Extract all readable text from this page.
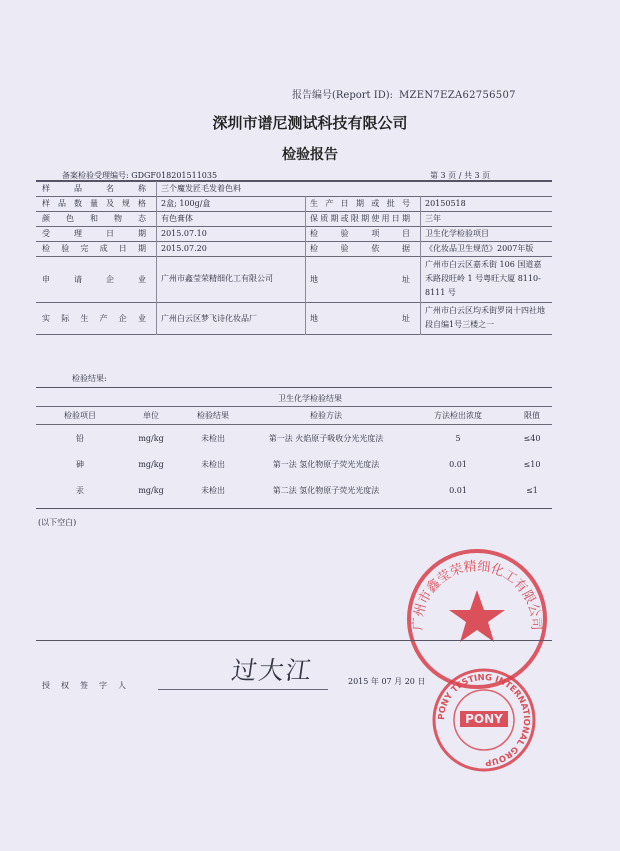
报告编号(Report ID): MZEN7EZA62756507
深圳市谱尼测试科技有限公司
检验报告
备案检验受理编号: GDGF018201511035	第 3 页 / 共 3 页
样品名称	三个魔发匠毛发着色料		
样品数量及规格	2盒; 100g/盒	生产日期或批号	20150518
颜色和物态	有色膏体	保质期或限期使用日期	三年
受理日期	2015.07.10	检验项目	卫生化学检验项目
检验完成日期	2015.07.20	检验依据	《化妆品卫生规范》2007年版
申请企业	广州市鑫莹荣精细化工有限公司	地址	广州市白云区嘉禾街 106 国道嘉禾路段旺岭 1 号粤旺大厦 8110-8111 号
实际生产企业	广州白云区梦飞诗化妆品厂	地址	广州市白云区均禾街罗岗十四社地段自编1号三楼之一
检验结果:
卫生化学检验结果
检验项目	单位	检验结果	检验方法	方法检出浓度	限值
铅	mg/kg	未检出	第一法 火焰原子吸收分光光度法	5	≤40
砷	mg/kg	未检出	第一法 氢化物原子荧光光度法	0.01	≤10
汞	mg/kg	未检出	第二法 氢化物原子荧光光度法	0.01	≤1
(以下空白)
广州市鑫莹荣精细化工有限公司
授权签字人
过大江	2015 年 07 月 20 日
PONY TESTING INTERNATIONAL GROUP
PONY
